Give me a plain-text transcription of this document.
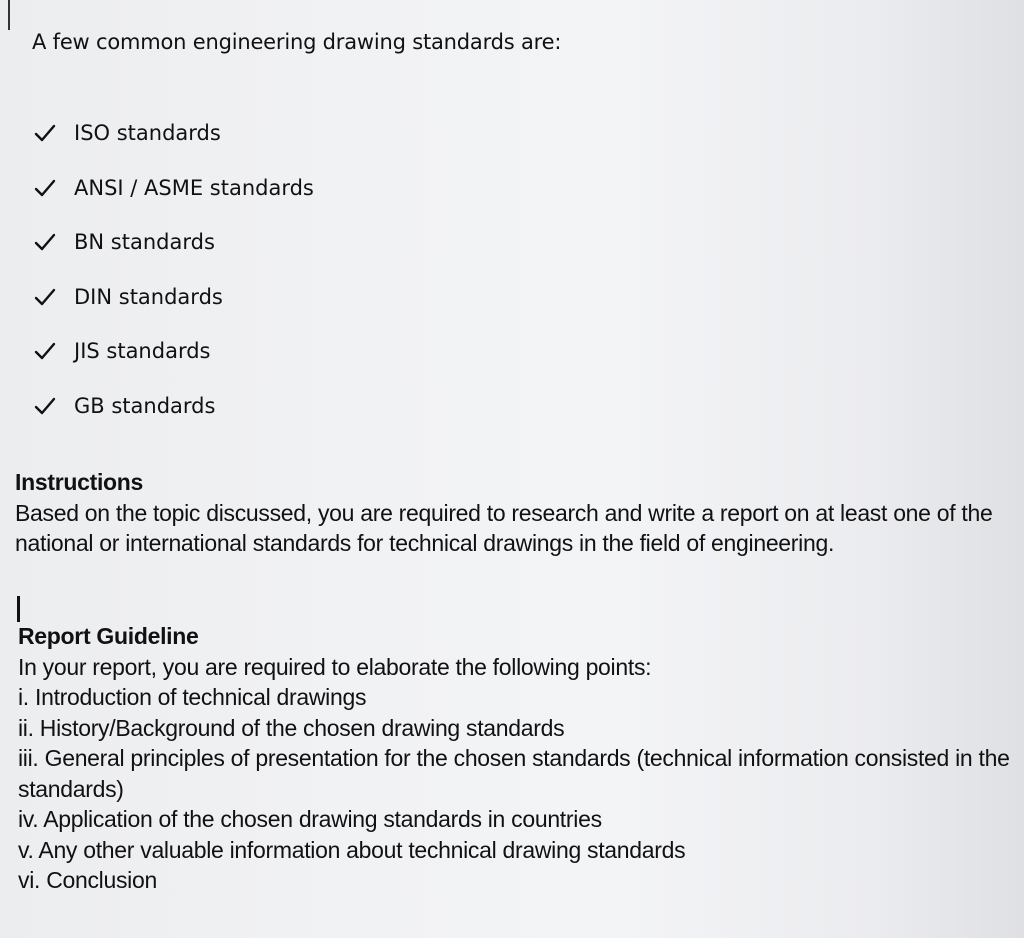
A few common engineering drawing standards are:

ISO standards
ANSI / ASME standards
BN standards
DIN standards
JIS standards
GB standards
Instructions
Based on the topic discussed, you are required to research and write a report on at least one of the national or international standards for technical drawings in the field of engineering.
Report Guideline
In your report, you are required to elaborate the following points:
i. Introduction of technical drawings
ii. History/Background of the chosen drawing standards
iii. General principles of presentation for the chosen standards (technical information consisted in the standards)
iv. Application of the chosen drawing standards in countries
v. Any other valuable information about technical drawing standards
vi. Conclusion
